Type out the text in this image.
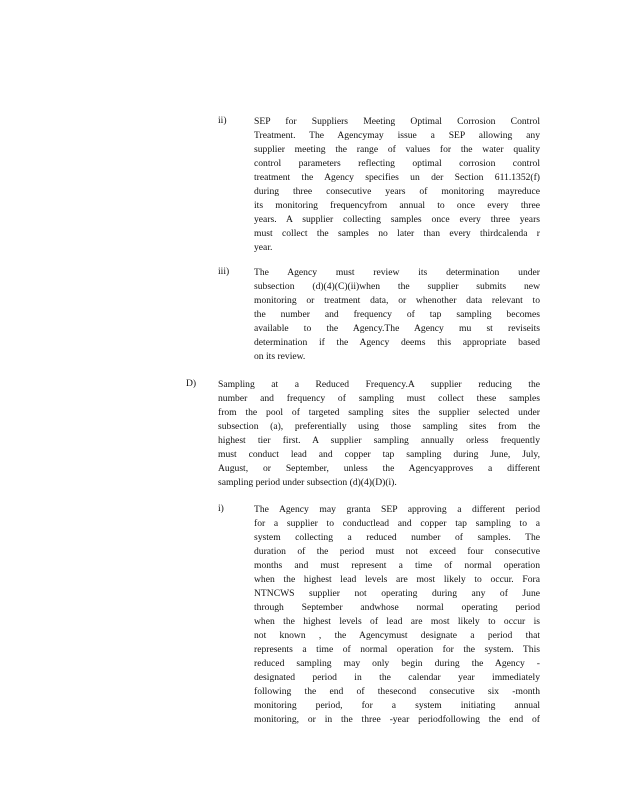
ii)	SEP for Suppliers Meeting Optimal Corrosion Control
Treatment. The Agencymay issue a SEP allowing any
supplier meeting the range of values for the water quality
control parameters reflecting optimal corrosion control
treatment the Agency specifies un der Section 611.1352(f)
during three consecutive years of monitoring mayreduce
its monitoring frequencyfrom annual to once every three
years. A supplier collecting samples once every three years
must collect the samples no later than every thirdcalenda r
year.
iii)	The Agency must review its determination under
subsection (d)(4)(C)(ii)when the supplier submits new
monitoring or treatment data, or whenother data relevant to
the number and frequency of tap sampling becomes
available to the Agency.The Agency mu st reviseits
determination if the Agency deems this appropriate based
on its review.
D) Sampling at a Reduced Frequency.A supplier reducing the
number and frequency of sampling must collect these samples
from the pool of targeted sampling sites the supplier selected under
subsection (a), preferentially using those sampling sites from the
highest tier first. A supplier sampling annually orless frequently
must conduct lead and copper tap sampling during June, July,
August, or September, unless the Agencyapproves a different
sampling period under subsection (d)(4)(D)(i).
i)	The Agency may granta SEP approving a different period
for a supplier to conductlead and copper tap sampling to a
system collecting a reduced number of samples. The
duration of the period must not exceed four consecutive
months and must represent a time of normal operation
when the highest lead levels are most likely to occur. Fora
NTNCWS supplier not operating during any of June
through September andwhose normal operating period
when the highest levels of lead are most likely to occur is
not known , the Agencymust designate a period that
represents a time of normal operation for the system. This
reduced sampling may only begin during the Agency -
designated period in the calendar year immediately
following the end of thesecond consecutive six -month
monitoring period, for a system initiating annual
monitoring, or in the three -year periodfollowing the end of
